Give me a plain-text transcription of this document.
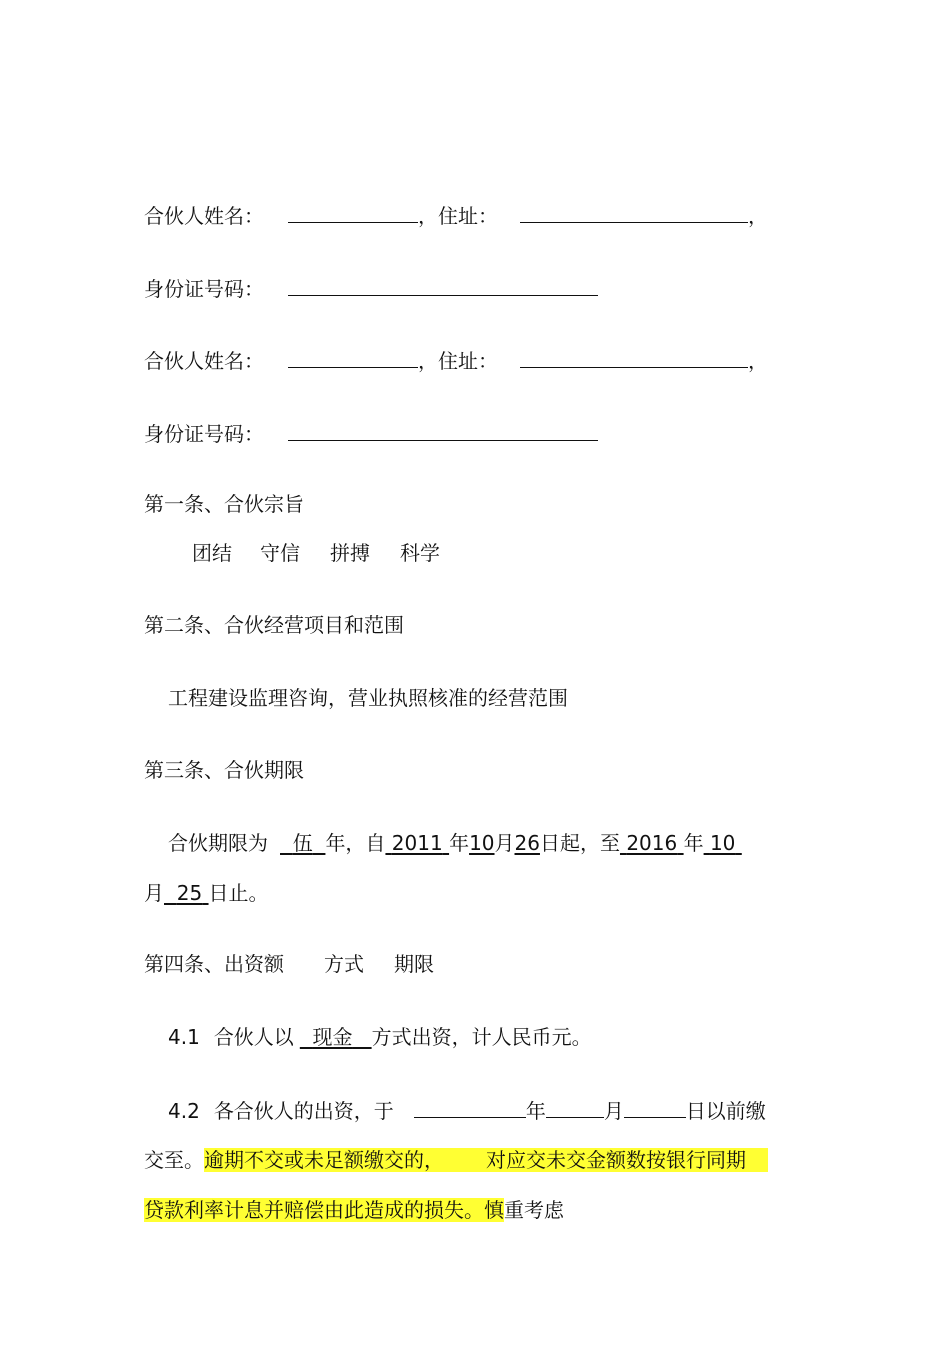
合伙人姓名：	，住址：	，
身份证号码：
合伙人姓名：	，住址：	，
身份证号码：
第一条、合伙宗旨
团结 守信 拼搏 科学
第二条、合伙经营项目和范围
工程建设监理咨询，营业执照核准的经营范围
第三条、合伙期限
合伙期限为 伍 年，自 2011 年10月26日起，至 2016 年 10
月 25 日止。
第四条、出资额 方式 期限
4.1 合伙人以 现金 方式出资，计人民币元。
4.2 各合伙人的出资，于	年	月	日以前缴
交至。逾期不交或未足额缴交的， 对应交未交金额数按银行同期
贷款利率计息并赔偿由此造成的损失。慎重考虑
